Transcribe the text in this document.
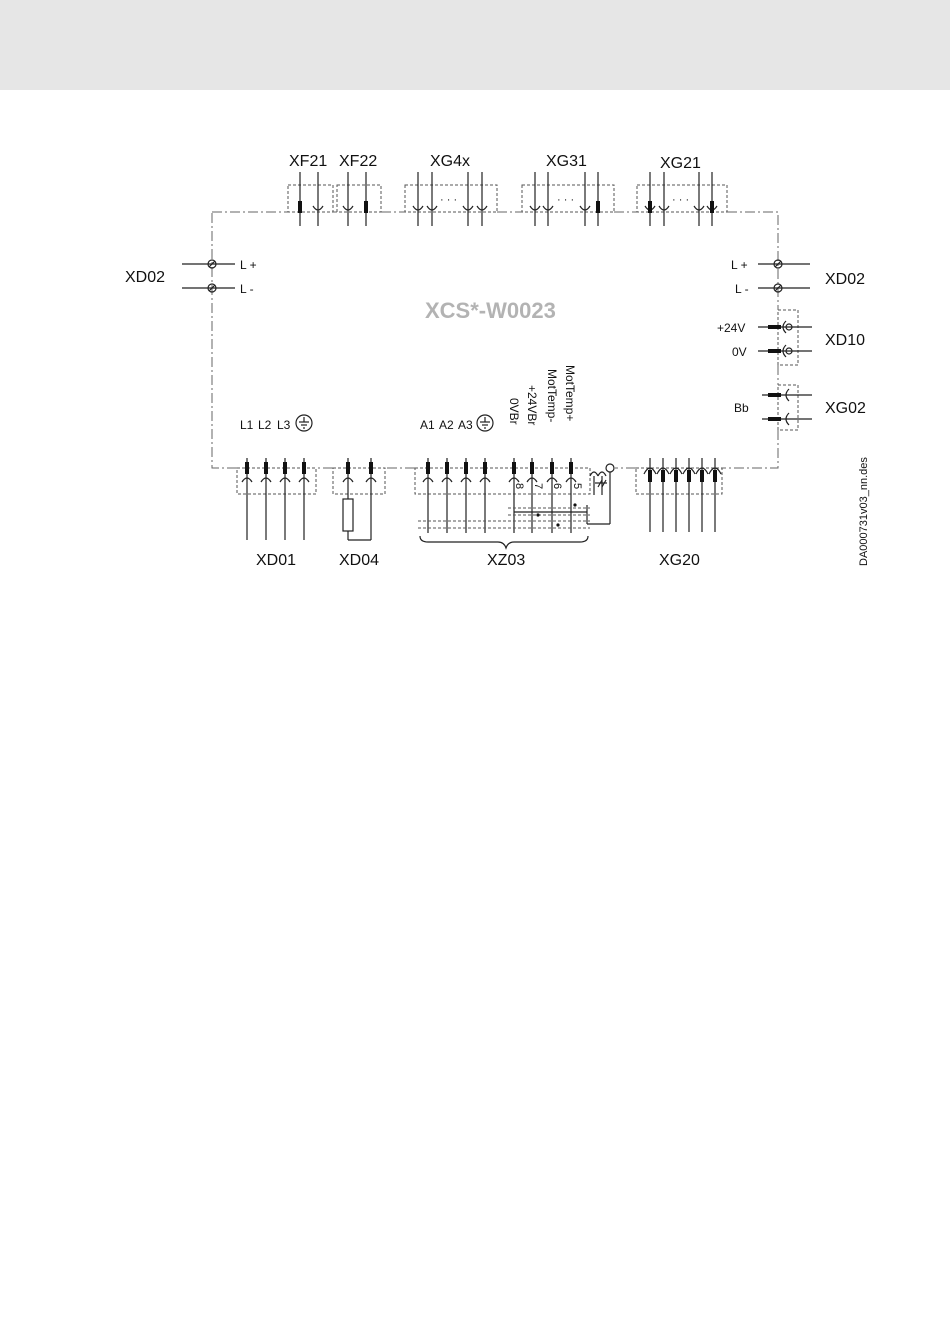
XCS*-W0023
XF21 XF22
· · ·
XG4x
· · ·
XG31
· · ·
XG21
L +
L -
XD02
L +
L -
XD02
+24V
0V
XD10
Bb	XG02
L1 L2 L3
XD01	XD04
A1 A2 A3
0VBr +24VBr MotTemp- MotTemp+
8 7 6 5
XZ03	XG20	DA000731v03_nn.des
